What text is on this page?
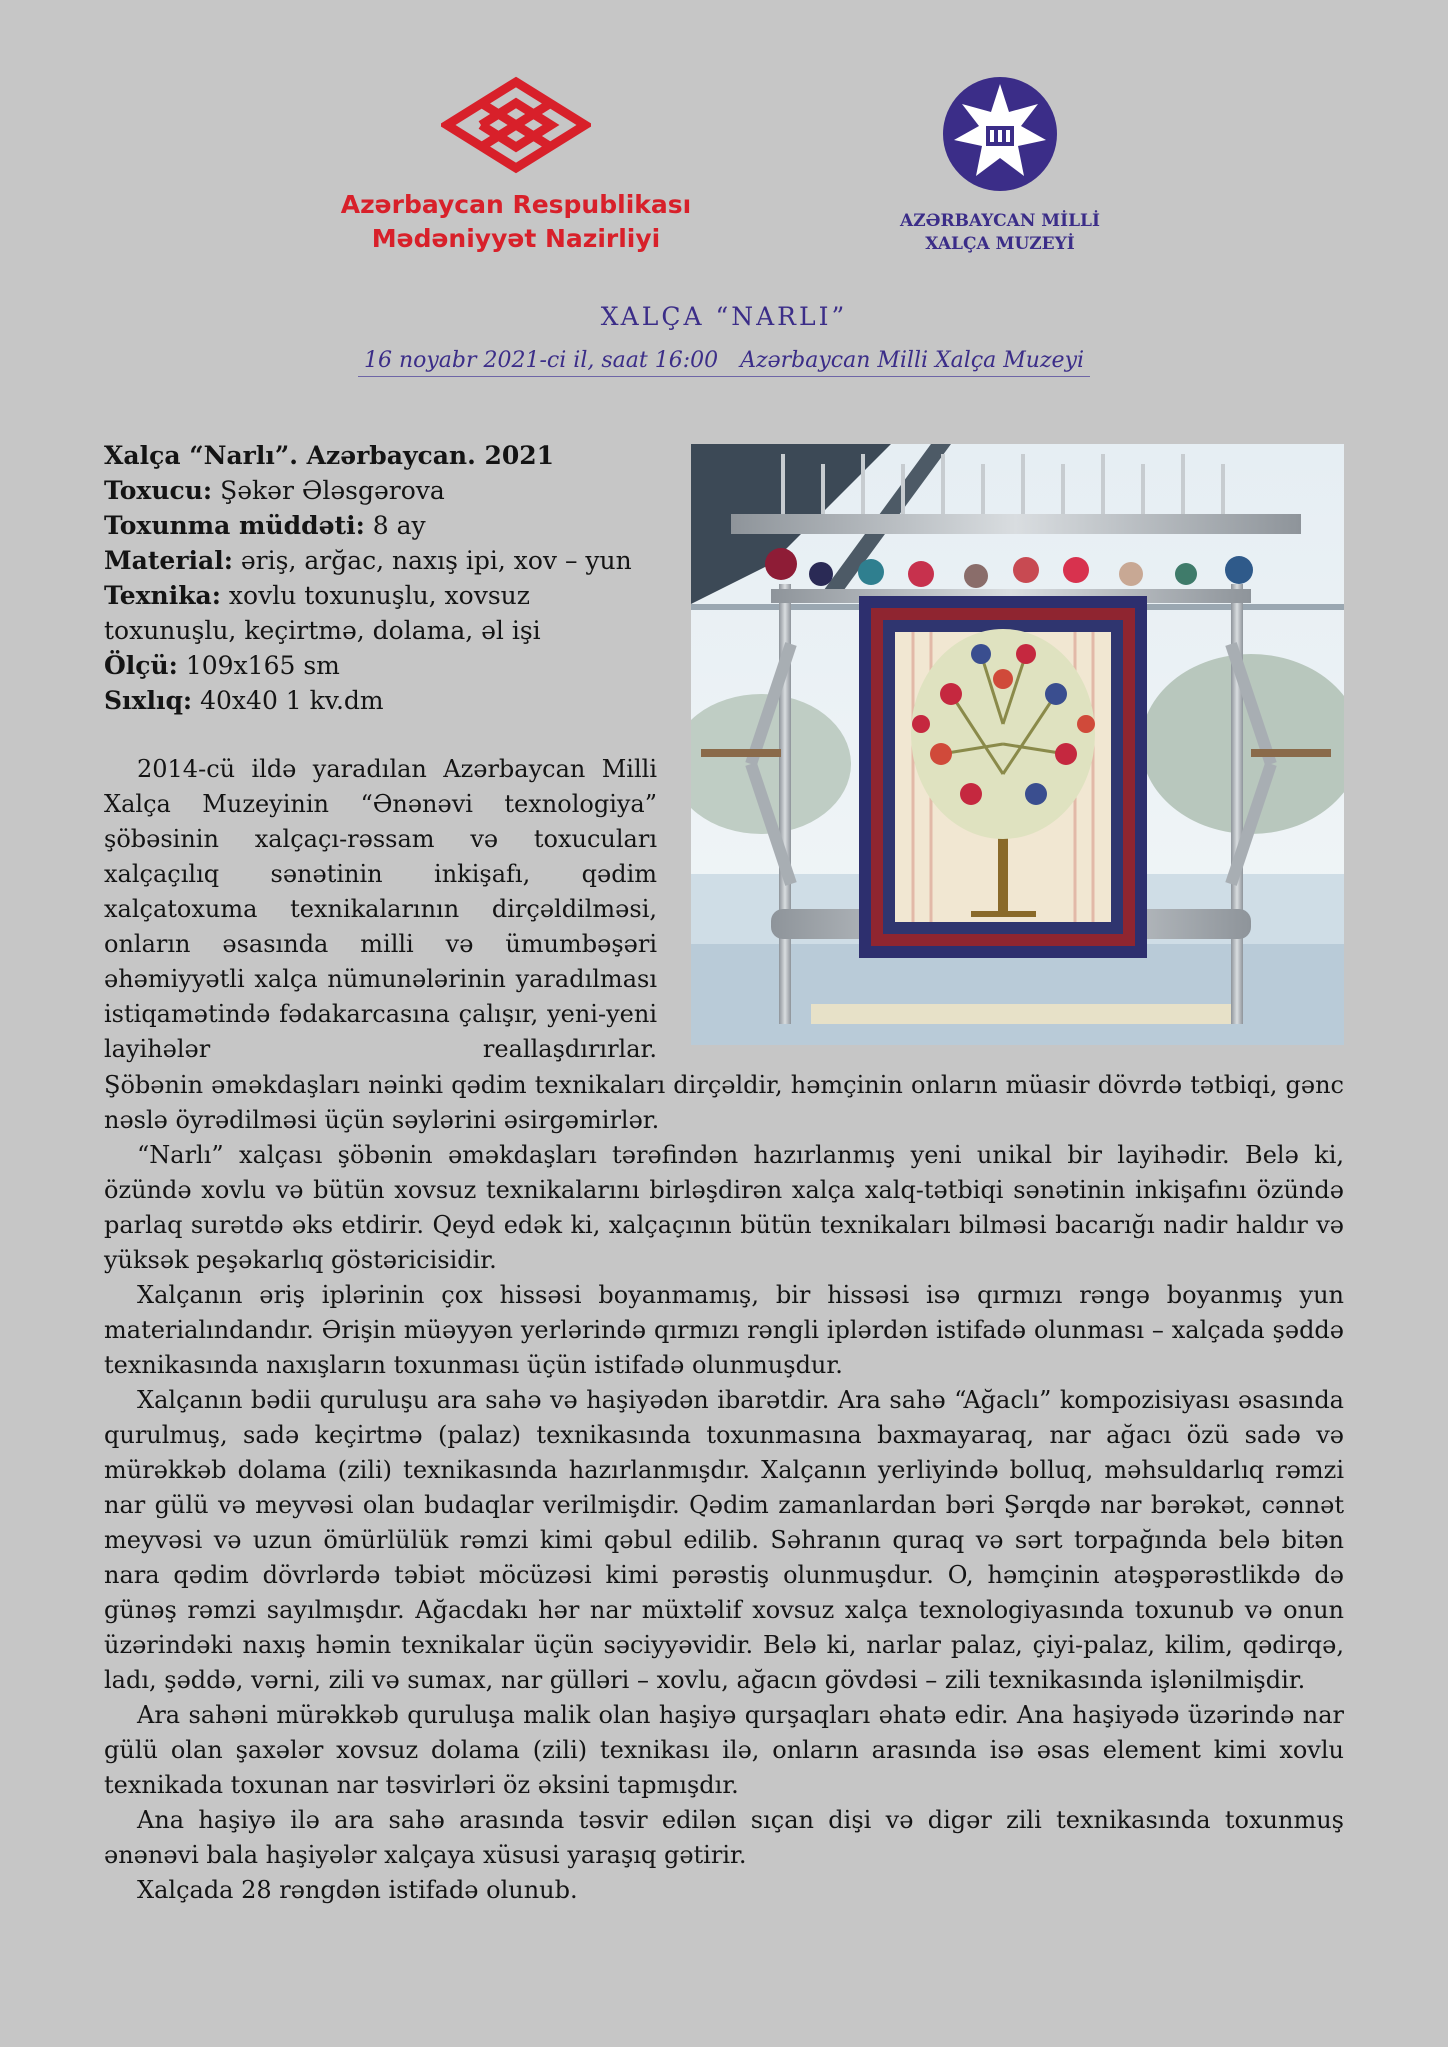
Azərbaycan Respublikası
Mədəniyyət Nazirliyi
AZƏRBAYCAN MİLLİ
XALÇA MUZEYİ
XALÇA “NARLI”
16 noyabr 2021-ci il, saat 16:00 Azərbaycan Milli Xalça Muzeyi
Xalça “Narlı”. Azərbaycan. 2021
Toxucu: Şəkər Ələsgərova
Toxunma müddəti: 8 ay
Material: əriş, arğac, naxış ipi, xov – yun
Texnika: xovlu toxunuşlu, xovsuz
toxunuşlu, keçirtmə, dolama, əl işi
Ölçü: 109x165 sm
Sıxlıq: 40x40 1 kv.dm

2014-cü ildə yaradılan Azərbaycan Milli Xalça Muzeyinin “Ənənəvi texnologiya” şöbəsinin xalçaçı-rəssam və toxucuları xalçaçılıq sənətinin inkişafı, qədim xalçatoxuma texnikalarının dirçəldilməsi, onların əsasında milli və ümumbəşəri əhəmiyyətli xalça nümunələrinin yaradılması istiqamətində fədakarcasına çalışır, yeni-yeni layihələr reallaşdırırlar.

Şöbənin əməkdaşları nəinki qədim texnikaları dirçəldir, həmçinin onların müasir dövrdə tətbiqi, gənc nəslə öyrədilməsi üçün səylərini əsirgəmirlər.

“Narlı” xalçası şöbənin əməkdaşları tərəfindən hazırlanmış yeni unikal bir layihədir. Belə ki, özündə xovlu və bütün xovsuz texnikalarını birləşdirən xalça xalq-tətbiqi sənətinin inkişafını özündə parlaq surətdə əks etdirir. Qeyd edək ki, xalçaçının bütün texnikaları bilməsi bacarığı nadir haldır və yüksək peşəkarlıq göstəricisidir.

Xalçanın əriş iplərinin çox hissəsi boyanmamış, bir hissəsi isə qırmızı rəngə boyanmış yun materialındandır. Ərişin müəyyən yerlərində qırmızı rəngli iplərdən istifadə olunması – xalçada şəddə texnikasında naxışların toxunması üçün istifadə olunmuşdur.

Xalçanın bədii quruluşu ara sahə və haşiyədən ibarətdir. Ara sahə “Ağaclı” kompozisiyası əsasında qurulmuş, sadə keçirtmə (palaz) texnikasında toxunmasına baxmayaraq, nar ağacı özü sadə və mürəkkəb dolama (zili) texnikasında hazırlanmışdır. Xalçanın yerliyində bolluq, məhsuldarlıq rəmzi nar gülü və meyvəsi olan budaqlar verilmişdir. Qədim zamanlardan bəri Şərqdə nar bərəkət, cənnət meyvəsi və uzun ömürlülük rəmzi kimi qəbul edilib. Səhranın quraq və sərt torpağında belə bitən nara qədim dövrlərdə təbiət möcüzəsi kimi pərəstiş olunmuşdur. O, həmçinin atəşpərəstlikdə də günəş rəmzi sayılmışdır. Ağacdakı hər nar müxtəlif xovsuz xalça texnologiyasında toxunub və onun üzərindəki naxış həmin texnikalar üçün səciyyəvidir. Belə ki, narlar palaz, çiyi-palaz, kilim, qədirqə, ladı, şəddə, vərni, zili və sumax, nar gülləri – xovlu, ağacın gövdəsi – zili texnikasında işlənilmişdir.

Ara sahəni mürəkkəb quruluşa malik olan haşiyə qurşaqları əhatə edir. Ana haşiyədə üzərində nar gülü olan şaxələr xovsuz dolama (zili) texnikası ilə, onların arasında isə əsas element kimi xovlu texnikada toxunan nar təsvirləri öz əksini tapmışdır.

Ana haşiyə ilə ara sahə arasında təsvir edilən sıçan dişi və digər zili texnikasında toxunmuş ənənəvi bala haşiyələr xalçaya xüsusi yaraşıq gətirir.

Xalçada 28 rəngdən istifadə olunub.
